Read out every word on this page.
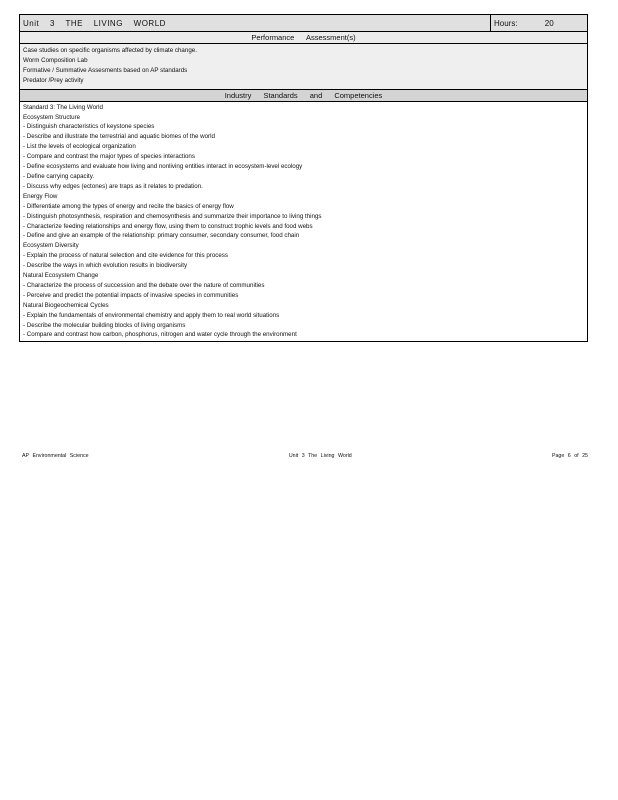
Unit 3 THE LIVING WORLD	Hours: 20
Performance Assessment(s)
Case studies on specific organisms affected by climate change.
Worm Composition Lab
Formative / Summative Assesments based on AP standards
Predator /Prey activity
Industry Standards and Competencies
Standard 3: The Living World
Ecosystem Structure
- Distinguish characteristics of keystone species
- Describe and illustrate the terrestrial and aquatic biomes of the world
- List the levels of ecological organization
- Compare and contrast the major types of species interactions
- Define ecosystems and evaluate how living and nonliving entities interact in ecosystem-level ecology
- Define carrying capacity.
- Discuss why edges (ectones) are traps as it relates to predation.
Energy Flow
- Differentiate among the types of energy and recite the basics of energy flow
- Distinguish photosynthesis, respiration and chemosynthesis and summarize their importance to living things
- Characterize feeding relationships and energy flow, using them to construct trophic levels and food webs
- Define and give an example of the relationship: primary consumer, secondary consumer, food chain
Ecosystem Diversity
- Explain the process of natural selection and cite evidence for this process
- Describe the ways in which evolution results in biodiversity
Natural Ecosystem Change
- Characterize the process of succession and the debate over the nature of communities
- Perceive and predict the potential impacts of invasive species in communities
Natural Biogeochemical Cycles
- Explain the fundamentals of environmental chemistry and apply them to real world situations
- Describe the molecular building blocks of living organisms
- Compare and contrast how carbon, phosphorus, nitrogen and water cycle through the environment
AP Environmental Science	Unit 3 The Living World	Page 6 of 25
